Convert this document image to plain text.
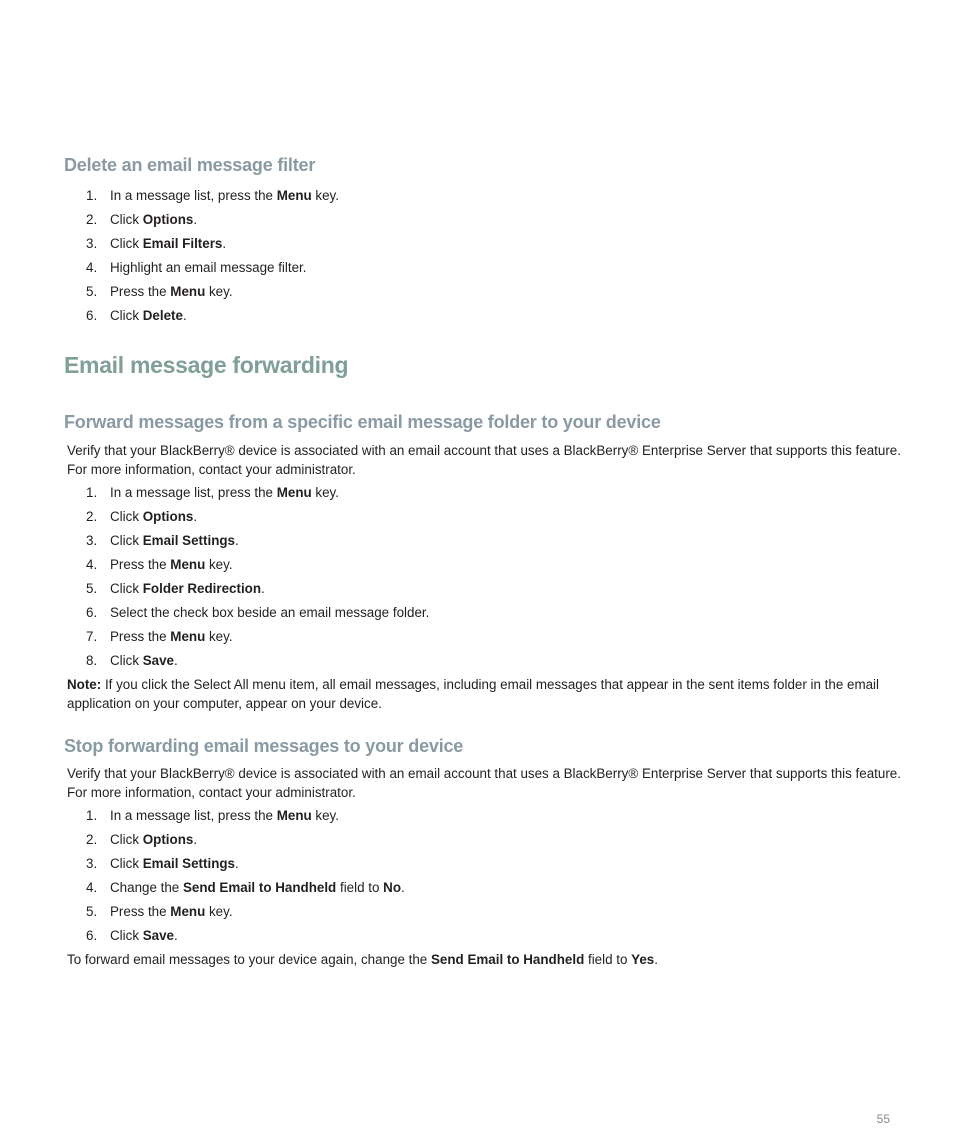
Delete an email message filter
1. In a message list, press the Menu key.
2. Click Options.
3. Click Email Filters.
4. Highlight an email message filter.
5. Press the Menu key.
6. Click Delete.
Email message forwarding
Forward messages from a specific email message folder to your device

Verify that your BlackBerry® device is associated with an email account that uses a BlackBerry® Enterprise Server that supports this feature. For more information, contact your administrator.

1. In a message list, press the Menu key.
2. Click Options.
3. Click Email Settings.
4. Press the Menu key.
5. Click Folder Redirection.
6. Select the check box beside an email message folder.
7. Press the Menu key.
8. Click Save.

Note: If you click the Select All menu item, all email messages, including email messages that appear in the sent items folder in the email application on your computer, appear on your device.

Stop forwarding email messages to your device

Verify that your BlackBerry® device is associated with an email account that uses a BlackBerry® Enterprise Server that supports this feature. For more information, contact your administrator.

1. In a message list, press the Menu key.
2. Click Options.
3. Click Email Settings.
4. Change the Send Email to Handheld field to No.
5. Press the Menu key.
6. Click Save.

To forward email messages to your device again, change the Send Email to Handheld field to Yes.

55
